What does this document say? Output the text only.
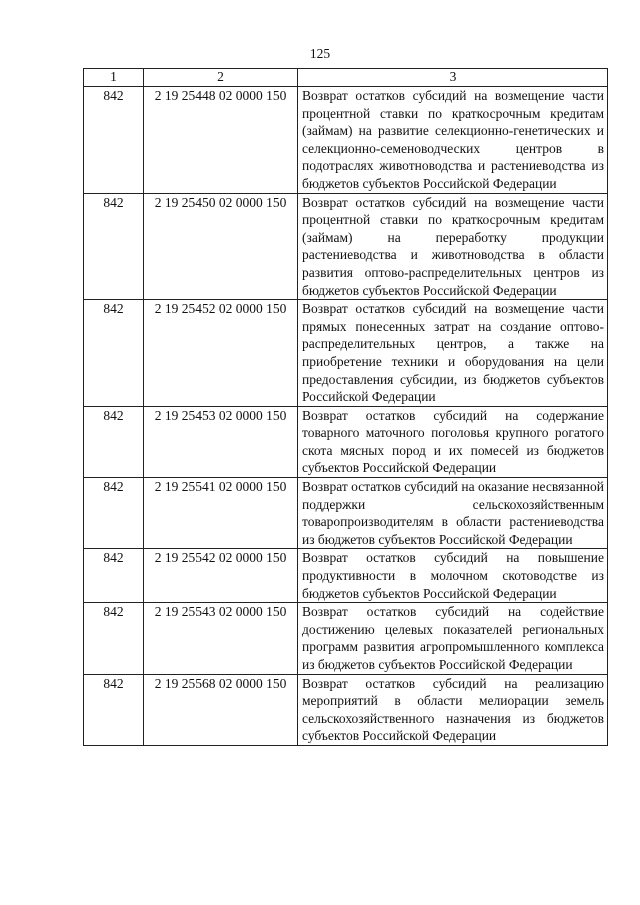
125
1	2	3
842	2 19 25448 02 0000 150	Возврат остатков субсидий на возмещение части процентной ставки по краткосрочным кредитам (займам) на развитие селекционно-генетических и селекционно-семеноводческих центров в подотраслях животноводства и растениеводства из бюджетов субъектов Российской Федерации
842	2 19 25450 02 0000 150	Возврат остатков субсидий на возмещение части процентной ставки по краткосрочным кредитам (займам) на переработку продукции растениеводства и животноводства в области развития оптово-распределительных центров из бюджетов субъектов Российской Федерации
842	2 19 25452 02 0000 150	Возврат остатков субсидий на возмещение части прямых понесенных затрат на создание оптово-распределительных центров, а также на приобретение техники и оборудования на цели предоставления субсидии, из бюджетов субъектов Российской Федерации
842	2 19 25453 02 0000 150	Возврат остатков субсидий на содержание товарного маточного поголовья крупного рогатого скота мясных пород и их помесей из бюджетов субъектов Российской Федерации
842	2 19 25541 02 0000 150	Возврат остатков субсидий на оказание несвязанной поддержки сельскохозяйственным товаропроизводителям в области растениеводства из бюджетов субъектов Российской Федерации
842	2 19 25542 02 0000 150	Возврат остатков субсидий на повышение продуктивности в молочном скотоводстве из бюджетов субъектов Российской Федерации
842	2 19 25543 02 0000 150	Возврат остатков субсидий на содействие достижению целевых показателей региональных программ развития агропромышленного комплекса из бюджетов субъектов Российской Федерации
842	2 19 25568 02 0000 150	Возврат остатков субсидий на реализацию мероприятий в области мелиорации земель сельскохозяйственного назначения из бюджетов субъектов Российской Федерации
